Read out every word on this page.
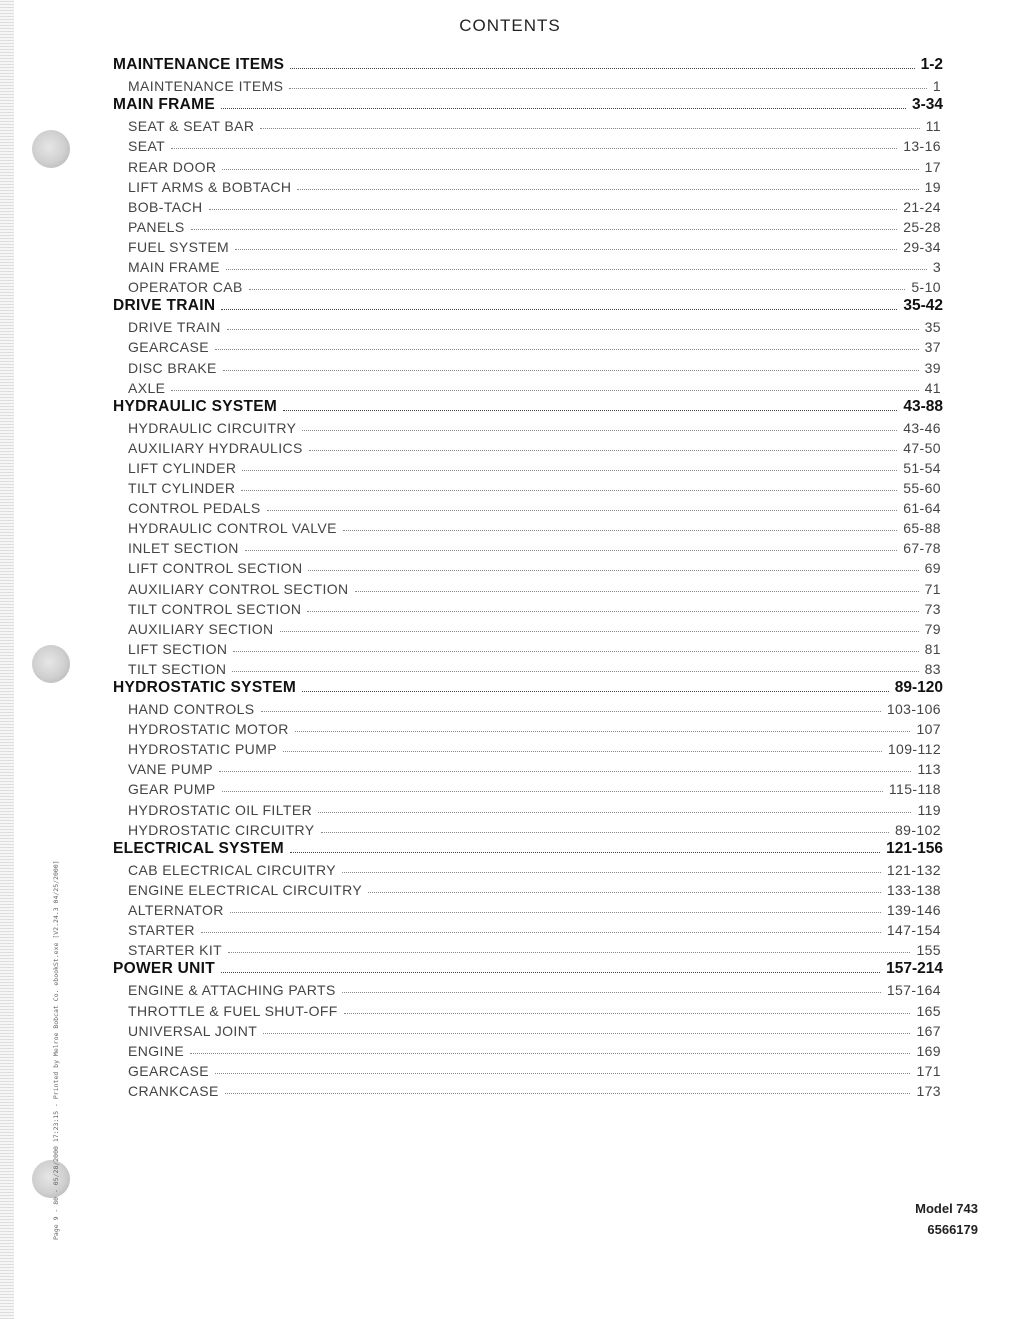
Page 9 - 80 - 05/28/2000 17:23:15 - Printed by Melroe Bobcat Co. ebookSt.exe [V2.24.3 04/25/2000]
CONTENTS
MAINTENANCE ITEMS	1-2
MAINTENANCE ITEMS	1
MAIN FRAME	3-34
SEAT & SEAT BAR	11
SEAT	13-16
REAR DOOR	17
LIFT ARMS & BOBTACH	19
BOB-TACH	21-24
PANELS	25-28
FUEL SYSTEM	29-34
MAIN FRAME	3
OPERATOR CAB	5-10
DRIVE TRAIN	35-42
DRIVE TRAIN	35
GEARCASE	37
DISC BRAKE	39
AXLE	41
HYDRAULIC SYSTEM	43-88
HYDRAULIC CIRCUITRY	43-46
AUXILIARY HYDRAULICS	47-50
LIFT CYLINDER	51-54
TILT CYLINDER	55-60
CONTROL PEDALS	61-64
HYDRAULIC CONTROL VALVE	65-88
INLET SECTION	67-78
LIFT CONTROL SECTION	69
AUXILIARY CONTROL SECTION	71
TILT CONTROL SECTION	73
AUXILIARY SECTION	79
LIFT SECTION	81
TILT SECTION	83
HYDROSTATIC SYSTEM	89-120
HAND CONTROLS	103-106
HYDROSTATIC MOTOR	107
HYDROSTATIC PUMP	109-112
VANE PUMP	113
GEAR PUMP	115-118
HYDROSTATIC OIL FILTER	119
HYDROSTATIC CIRCUITRY	89-102
ELECTRICAL SYSTEM	121-156
CAB ELECTRICAL CIRCUITRY	121-132
ENGINE ELECTRICAL CIRCUITRY	133-138
ALTERNATOR	139-146
STARTER	147-154
STARTER KIT	155
POWER UNIT	157-214
ENGINE & ATTACHING PARTS	157-164
THROTTLE & FUEL SHUT-OFF	165
UNIVERSAL JOINT	167
ENGINE	169
GEARCASE	171
CRANKCASE	173
Model 743
6566179
